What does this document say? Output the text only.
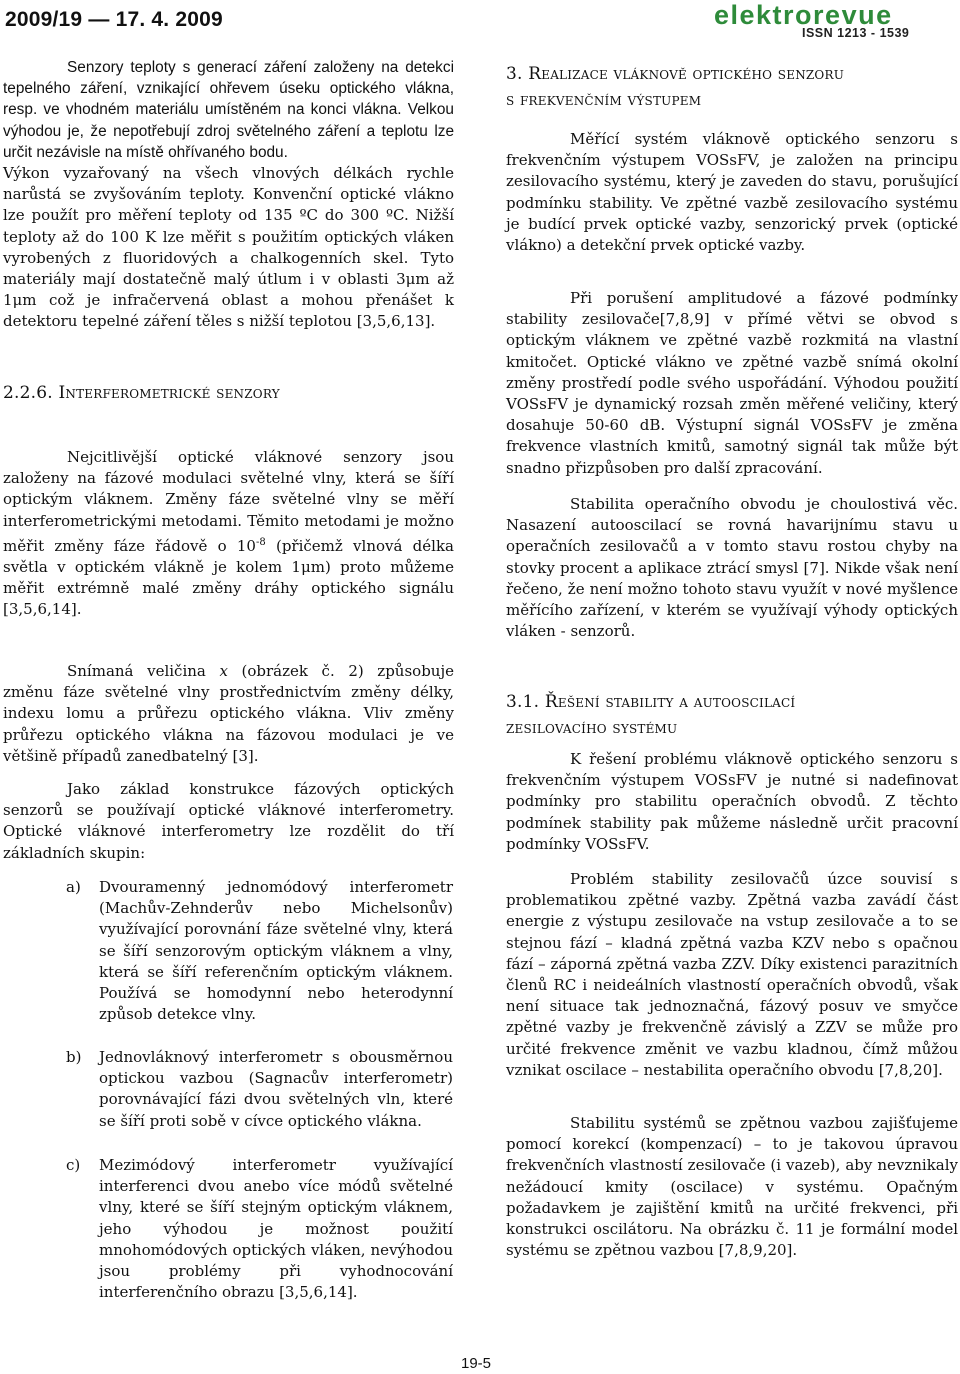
2009/19 — 17. 4. 2009	elektrorevue
ISSN 1213 - 1539

Senzory teploty s generací záření založeny na detekci tepelného záření, vznikající ohřevem úseku optického vlákna, resp. ve vhodném materiálu umístěném na konci vlákna. Velkou výhodou je, že nepotřebují zdroj světelného záření a teplotu lze určit nezávisle na místě ohřívaného bodu.

Výkon vyzařovaný na všech vlnových délkách rychle narůstá se zvyšováním teploty. Konvenční optické vlákno lze použít pro měření teploty od 135 ºC do 300 ºC. Nižší teploty až do 100 K lze měřit s použitím optických vláken vyrobených z fluoridových a chalkogenních skel. Tyto materiály mají dostatečně malý útlum i v oblasti 3μm až 1μm což je infračervená oblast a mohou přenášet k detektoru tepelné záření těles s nižší teplotou [3,5,6,13].

2.2.6. Interferometrické senzory

Nejcitlivější optické vláknové senzory jsou založeny na fázové modulaci světelné vlny, která se šíří optickým vláknem. Změny fáze světelné vlny se měří interferometrickými metodami. Těmito metodami je možno měřit změny fáze řádově o $10^{-8}$ (přičemž vlnová délka světla v optickém vlákně je kolem 1μm) proto můžeme měřit extrémně malé změny dráhy optického signálu [3,5,6,14].

Snímaná veličina x (obrázek č. 2) způsobuje změnu fáze světelné vlny prostřednictvím změny délky, indexu lomu a průřezu optického vlákna. Vliv změny průřezu optického vlákna na fázovou modulaci je ve většině případů zanedbatelný [3].

Jako základ konstrukce fázových optických senzorů se používají optické vláknové interferometry. Optické vláknové interferometry lze rozdělit do tří základních skupin:

a) Dvouramenný jednomódový interferometr (Machův-Zehnderův nebo Michelsonův) využívající porovnání fáze světelné vlny, která se šíří senzorovým optickým vláknem a vlny, která se šíří referenčním optickým vláknem. Používá se homodynní nebo heterodynní způsob detekce vlny.
b) Jednovláknový interferometr s obousměrnou optickou vazbou (Sagnacův interferometr) porovnávající fázi dvou světelných vln, které se šíří proti sobě v cívce optického vlákna.
c) Mezimódový interferometr využívající interferenci dvou anebo více módů světelné vlny, které se šíří stejným optickým vláknem, jeho výhodou je možnost použití mnohomódových optických vláken, nevýhodou jsou problémy při vyhodnocování interferenčního obrazu [3,5,6,14].
3. Realizace vláknově optického senzoru
s frekvenčním výstupem

Měřící systém vláknově optického senzoru s frekvenčním výstupem VOSsFV, je založen na principu zesilovacího systému, který je zaveden do stavu, porušující podmínku stability. Ve zpětné vazbě zesilovacího systému je budící prvek optické vazby, senzorický prvek (optické vlákno) a detekční prvek optické vazby.

Při porušení amplitudové a fázové podmínky stability zesilovače[7,8,9] v přímé větvi se obvod s optickým vláknem ve zpětné vazbě rozkmitá na vlastní kmitočet. Optické vlákno ve zpětné vazbě snímá okolní změny prostředí podle svého uspořádání. Výhodou použití VOSsFV je dynamický rozsah změn měřené veličiny, který dosahuje 50-60 dB. Výstupní signál VOSsFV je změna frekvence vlastních kmitů, samotný signál tak může být snadno přizpůsoben pro další zpracování.

Stabilita operačního obvodu je choulostivá věc. Nasazení autooscilací se rovná havarijnímu stavu u operačních zesilovačů a v tomto stavu rostou chyby na stovky procent a aplikace ztrácí smysl [7]. Nikde však není řečeno, že není možno tohoto stavu využít v nové myšlence měřícího zařízení, v kterém se využívají výhody optických vláken - senzorů.

3.1. Řešení stability a autooscilací
zesilovacího systému

K řešení problému vláknově optického senzoru s frekvenčním výstupem VOSsFV je nutné si nadefinovat podmínky pro stabilitu operačních obvodů. Z těchto podmínek stability pak můžeme následně určit pracovní podmínky VOSsFV.

Problém stability zesilovačů úzce souvisí s problematikou zpětné vazby. Zpětná vazba zavádí část energie z výstupu zesilovače na vstup zesilovače a to se stejnou fází – kladná zpětná vazba KZV nebo s opačnou fází – záporná zpětná vazba ZZV. Díky existenci parazitních členů RC i neideálních vlastností operačních obvodů, však není situace tak jednoznačná, fázový posuv ve smyčce zpětné vazby je frekvenčně závislý a ZZV se může pro určité frekvence změnit ve vazbu kladnou, čímž můžou vznikat oscilace – nestabilita operačního obvodu [7,8,20].

Stabilitu systémů se zpětnou vazbou zajišťujeme pomocí korekcí (kompenzací) – to je takovou úpravou frekvenčních vlastností zesilovače (i vazeb), aby nevznikaly nežádoucí kmity (oscilace) v systému. Opačným požadavkem je zajištění kmitů na určité frekvenci, při konstrukci oscilátoru. Na obrázku č. 11 je formální model systému se zpětnou vazbou [7,8,9,20].

19-5
